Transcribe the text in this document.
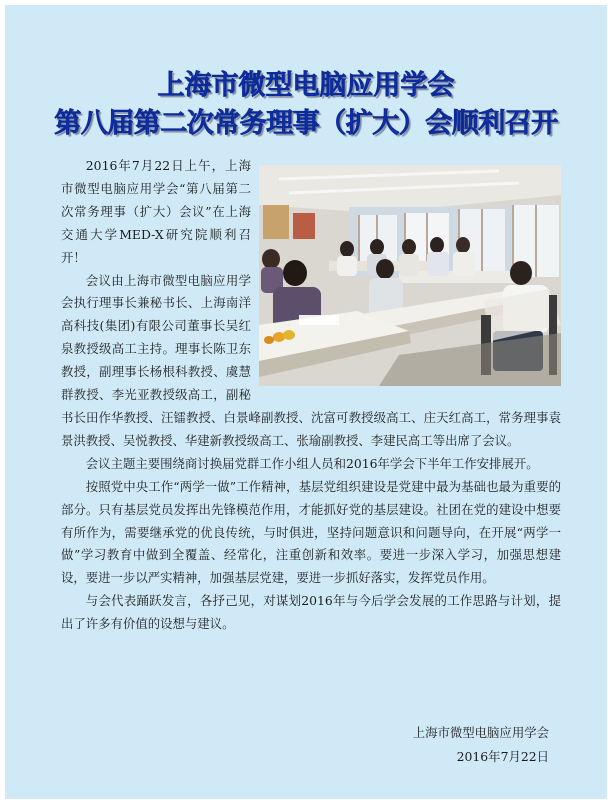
上海市微型电脑应用学会
第八届第二次常务理事（扩大）会顺利召开

2016年7月22日上午，上海市微型电脑应用学会“第八届第二次常务理事（扩大）会议”在上海交通大学MED-X研究院顺利召开！

会议由上海市微型电脑应用学会执行理事长兼秘书长、上海南洋高科技(集团)有限公司董事长吴红泉教授级高工主持。理事长陈卫东教授，副理事长杨根科教授、虞慧群教授、李光亚教授级高工，副秘书长田作华教授、汪镭教授、白景峰副教授、沈富可教授级高工、庄天红高工，常务理事袁景洪教授、吴悦教授、华建新教授级高工、张瑜副教授、李建民高工等出席了会议。

会议主题主要围绕商讨换届党群工作小组人员和2016年学会下半年工作安排展开。

按照党中央工作“两学一做”工作精神，基层党组织建设是党建中最为基础也最为重要的部分。只有基层党员发挥出先锋模范作用，才能抓好党的基层建设。社团在党的建设中想要有所作为，需要继承党的优良传统，与时俱进，坚持问题意识和问题导向，在开展“两学一做”学习教育中做到全覆盖、经常化，注重创新和效率。要进一步深入学习，加强思想建设，要进一步以严实精神，加强基层党建，要进一步抓好落实，发挥党员作用。

与会代表踊跃发言，各抒己见，对谋划2016年与今后学会发展的工作思路与计划，提出了许多有价值的设想与建议。

上海市微型电脑应用学会
2016年7月22日
